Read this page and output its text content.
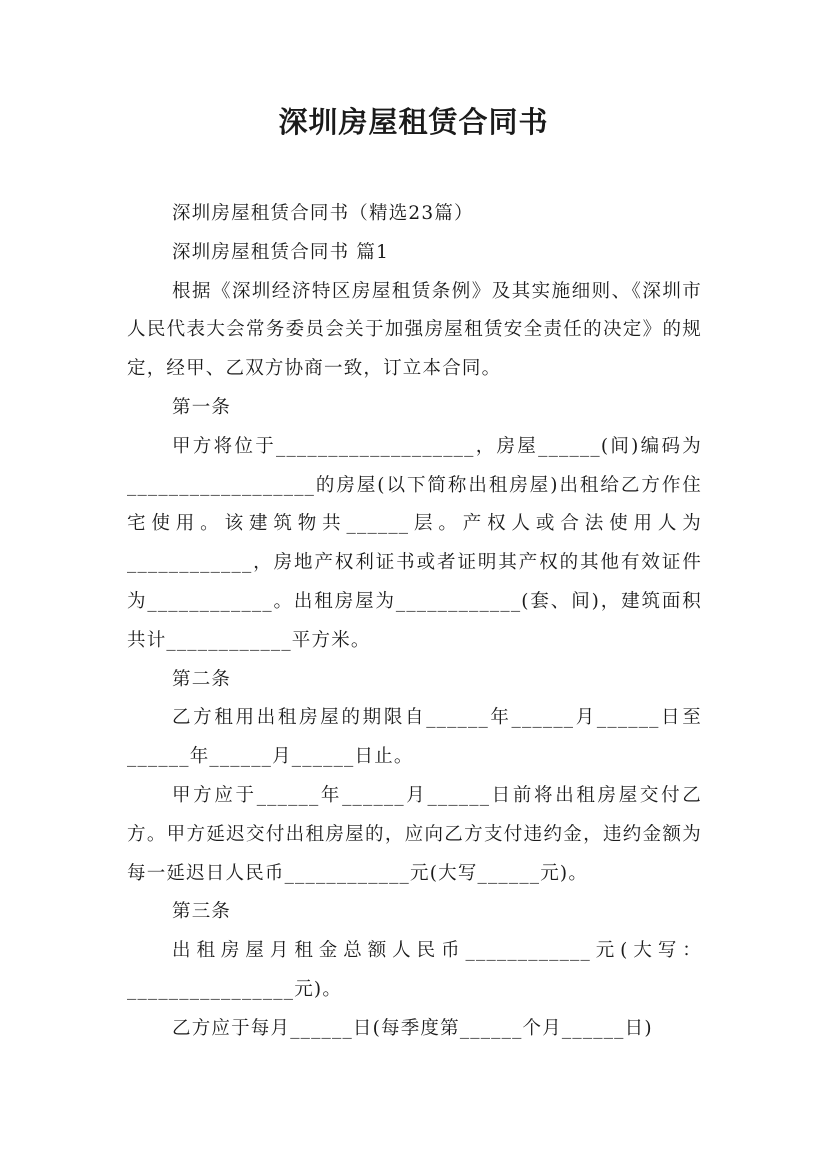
深圳房屋租赁合同书

深圳房屋租赁合同书（精选23篇）

深圳房屋租赁合同书 篇1

根据《深圳经济特区房屋租赁条例》及其实施细则、《深圳市人民代表大会常务委员会关于加强房屋租赁安全责任的决定》的规定，经甲、乙双方协商一致，订立本合同。

第一条

甲方将位于___________________，房屋______(间)编码为__________________的房屋(以下简称出租房屋)出租给乙方作住宅使用。该建筑物共______层。产权人或合法使用人为____________，房地产权利证书或者证明其产权的其他有效证件为____________。出租房屋为____________(套、间)，建筑面积共计____________平方米。

第二条

乙方租用出租房屋的期限自______年______月______日至______年______月______日止。

甲方应于______年______月______日前将出租房屋交付乙方。甲方延迟交付出租房屋的，应向乙方支付违约金，违约金额为每一延迟日人民币____________元(大写______元)。

第三条

出租房屋月租金总额人民币____________元(大写：________________元)。

乙方应于每月______日(每季度第______个月______日)
